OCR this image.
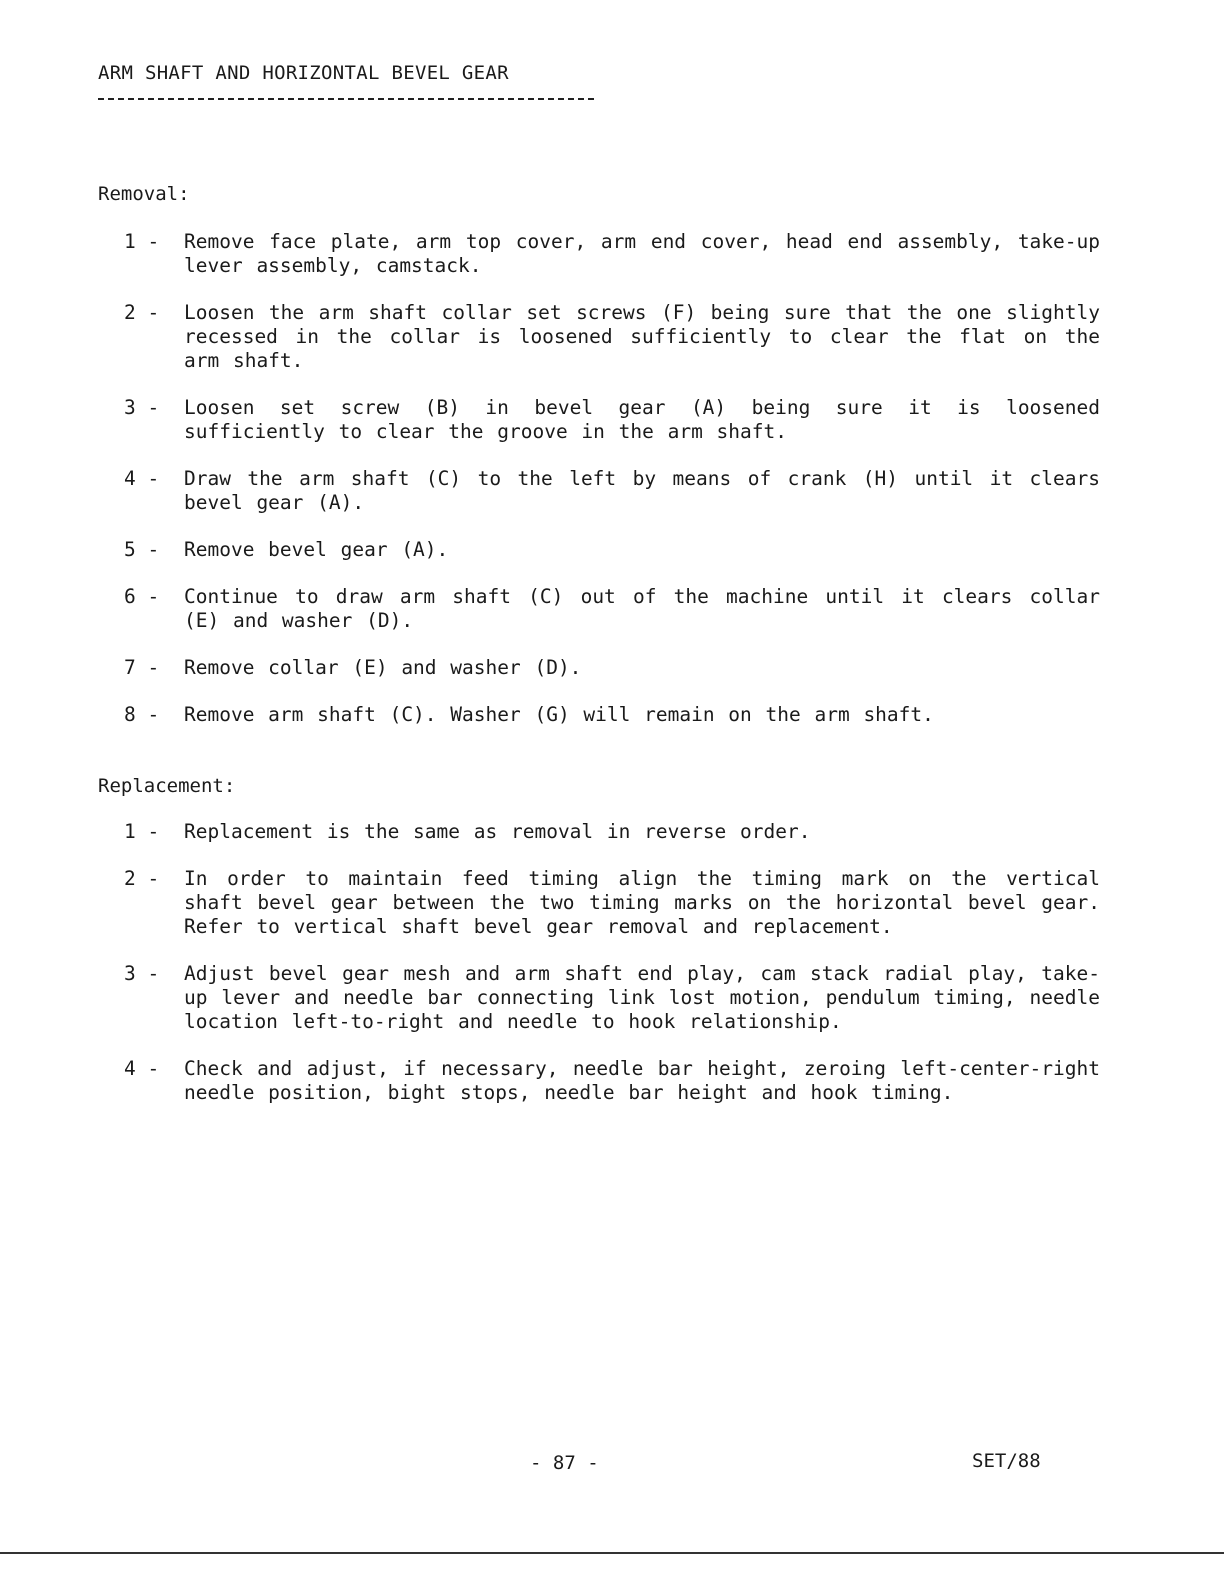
ARM SHAFT AND HORIZONTAL BEVEL GEAR
Removal:
1 -	Remove face plate, arm top cover, arm end cover, head end assembly, take-up lever assembly, camstack.
2 -	Loosen the arm shaft collar set screws (F) being sure that the one slightly recessed in the collar is loosened sufficiently to clear the flat on the arm shaft.
3 -	Loosen set screw (B) in bevel gear (A) being sure it is loosened sufficiently to clear the groove in the arm shaft.
4 -	Draw the arm shaft (C) to the left by means of crank (H) until it clears bevel gear (A).
5 -	Remove bevel gear (A).
6 -	Continue to draw arm shaft (C) out of the machine until it clears collar (E) and washer (D).
7 -	Remove collar (E) and washer (D).
8 -	Remove arm shaft (C). Washer (G) will remain on the arm shaft.
Replacement:
1 -	Replacement is the same as removal in reverse order.
2 -	In order to maintain feed timing align the timing mark on the vertical shaft bevel gear between the two timing marks on the horizontal bevel gear. Refer to vertical shaft bevel gear removal and replacement.
3 -	Adjust bevel gear mesh and arm shaft end play, cam stack radial play, take-up lever and needle bar connecting link lost motion, pendulum timing, needle location left-to-right and needle to hook relationship.
4 -	Check and adjust, if necessary, needle bar height, zeroing left-center-right needle position, bight stops, needle bar height and hook timing.
- 87 -	SET/88
